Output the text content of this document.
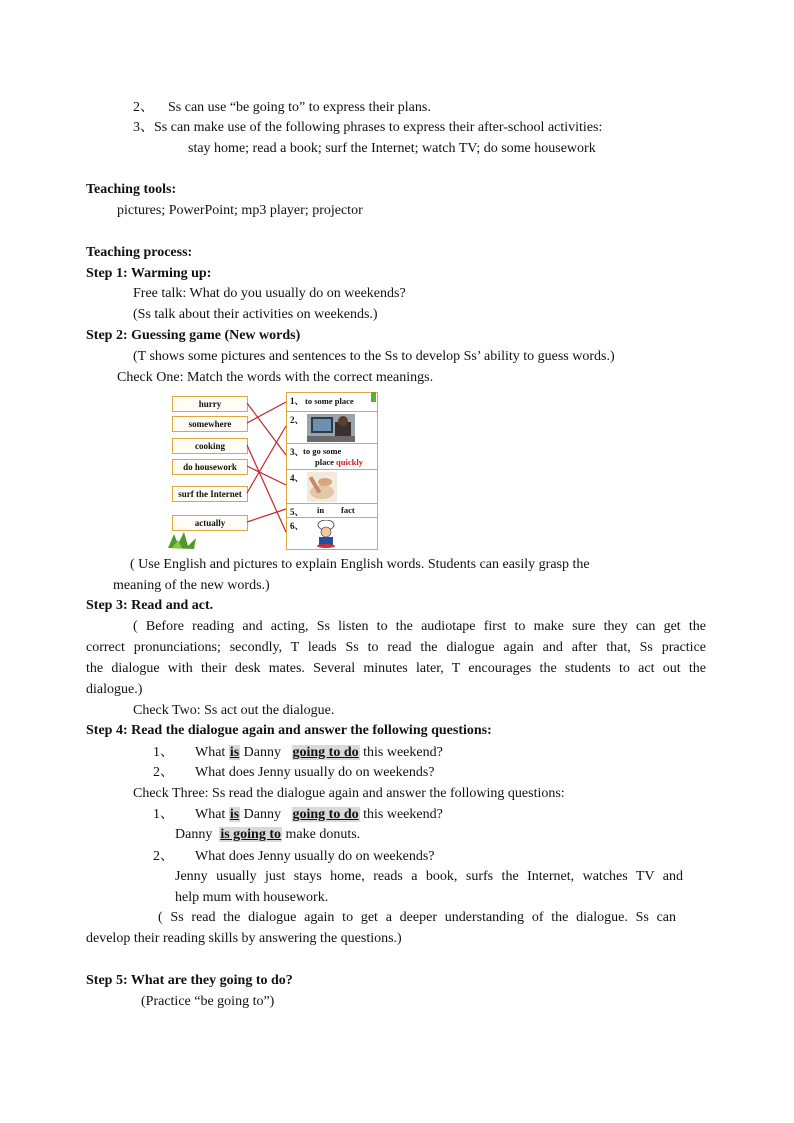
2、 Ss can use “be going to” to express their plans.
3、Ss can make use of the following phrases to express their after-school activities:
stay home; read a book; surf the Internet; watch TV; do some housework
Teaching tools:
pictures; PowerPoint; mp3 player; projector
Teaching process:
Step 1: Warming up:
Free talk: What do you usually do on weekends?
(Ss talk about their activities on weekends.)
Step 2: Guessing game (New words)
(T shows some pictures and sentences to the Ss to develop Ss’ ability to guess words.)
Check One: Match the words with the correct meanings.
hurry
somewhere
cooking
do housework
surf the Internet
actually
1、 to some place
2、
3、 to go some
place quickly
4、
5、 in fact
6、
( Use English and pictures to explain English words. Students can easily grasp the
meaning of the new words.)
Step 3: Read and act.
( Before reading and acting, Ss listen to the audiotape first to make sure they can get the
correct pronunciations; secondly, T leads Ss to read the dialogue again and after that, Ss practice
the dialogue with their desk mates. Several minutes later, T encourages the students to act out the
dialogue.)
Check Two: Ss act out the dialogue.
Step 4: Read the dialogue again and answer the following questions:
1、 What is Danny going to do this weekend?
2、 What does Jenny usually do on weekends?
Check Three: Ss read the dialogue again and answer the following questions:
1、 What is Danny going to do this weekend?
Danny is going to make donuts.
2、 What does Jenny usually do on weekends?
Jenny usually just stays home, reads a book, surfs the Internet, watches TV and
help mum with housework.
( Ss read the dialogue again to get a deeper understanding of the dialogue. Ss can
develop their reading skills by answering the questions.)
Step 5: What are they going to do?
(Practice “be going to”)
